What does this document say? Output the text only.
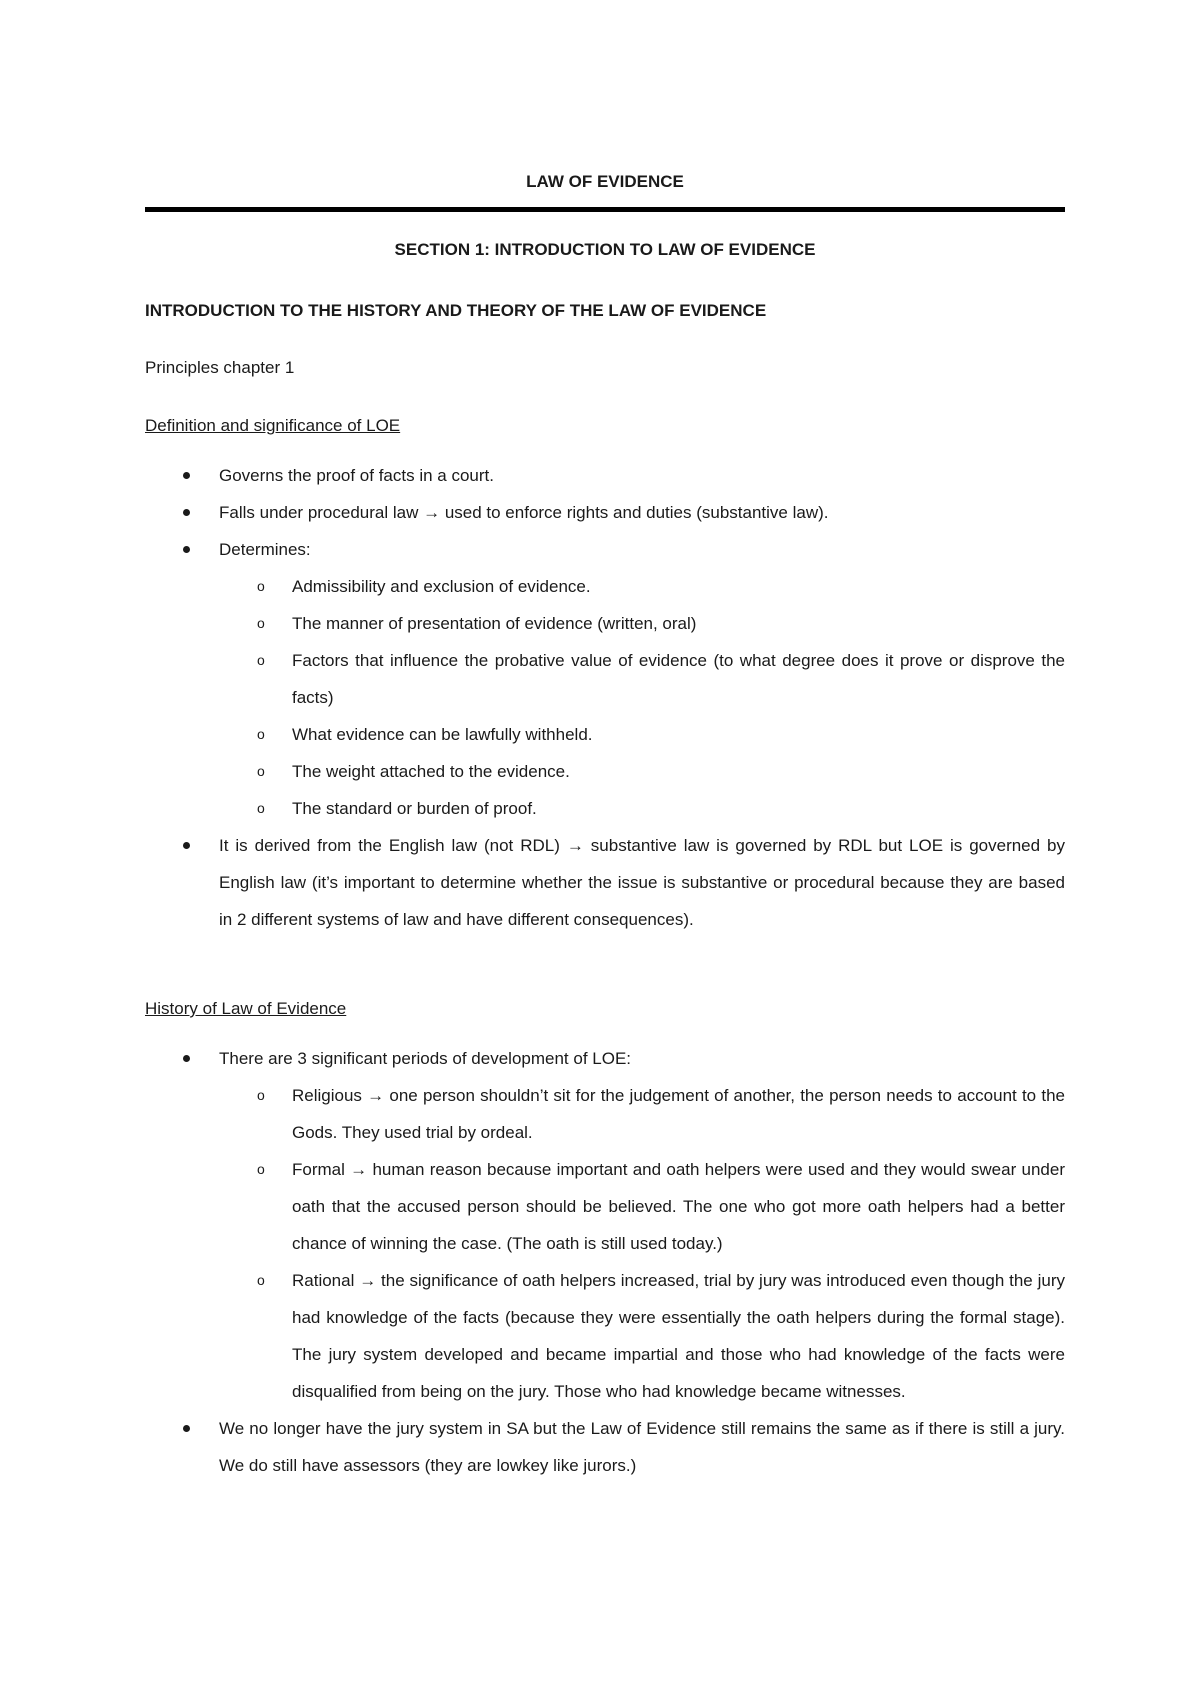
LAW OF EVIDENCE
SECTION 1: INTRODUCTION TO LAW OF EVIDENCE
INTRODUCTION TO THE HISTORY AND THEORY OF THE LAW OF EVIDENCE
Principles chapter 1
Definition and significance of LOE
Governs the proof of facts in a court.
Falls under procedural law → used to enforce rights and duties (substantive law).
Determines:
o Admissibility and exclusion of evidence.
o The manner of presentation of evidence (written, oral)
o Factors that influence the probative value of evidence (to what degree does it prove or disprove the facts)
o What evidence can be lawfully withheld.
o The weight attached to the evidence.
o The standard or burden of proof.
It is derived from the English law (not RDL) → substantive law is governed by RDL but LOE is governed by English law (it’s important to determine whether the issue is substantive or procedural because they are based in 2 different systems of law and have different consequences).
History of Law of Evidence
There are 3 significant periods of development of LOE:
o Religious → one person shouldn’t sit for the judgement of another, the person needs to account to the Gods. They used trial by ordeal.
o Formal → human reason because important and oath helpers were used and they would swear under oath that the accused person should be believed. The one who got more oath helpers had a better chance of winning the case. (The oath is still used today.)
o Rational → the significance of oath helpers increased, trial by jury was introduced even though the jury had knowledge of the facts (because they were essentially the oath helpers during the formal stage). The jury system developed and became impartial and those who had knowledge of the facts were disqualified from being on the jury. Those who had knowledge became witnesses.
We no longer have the jury system in SA but the Law of Evidence still remains the same as if there is still a jury. We do still have assessors (they are lowkey like jurors.)
